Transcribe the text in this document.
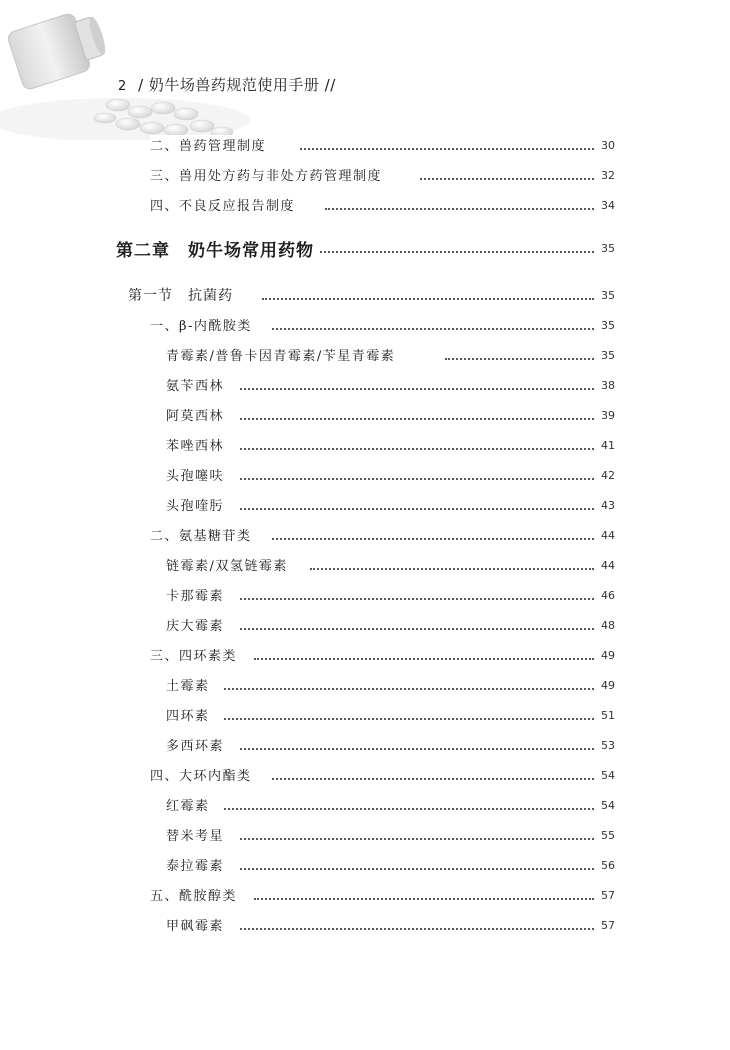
2 / 奶牛场兽药规范使用手册 //
二、兽药管理制度	30
三、兽用处方药与非处方药管理制度	32
四、不良反应报告制度	34
第二章　奶牛场常用药物	35
第一节　抗菌药	35
一、β-内酰胺类	35
青霉素/普鲁卡因青霉素/苄星青霉素	35
氨苄西林	38
阿莫西林	39
苯唑西林	41
头孢噻呋	42
头孢喹肟	43
二、氨基糖苷类	44
链霉素/双氢链霉素	44
卡那霉素	46
庆大霉素	48
三、四环素类	49
土霉素	49
四环素	51
多西环素	53
四、大环内酯类	54
红霉素	54
替米考星	55
泰拉霉素	56
五、酰胺醇类	57
甲砜霉素	57
